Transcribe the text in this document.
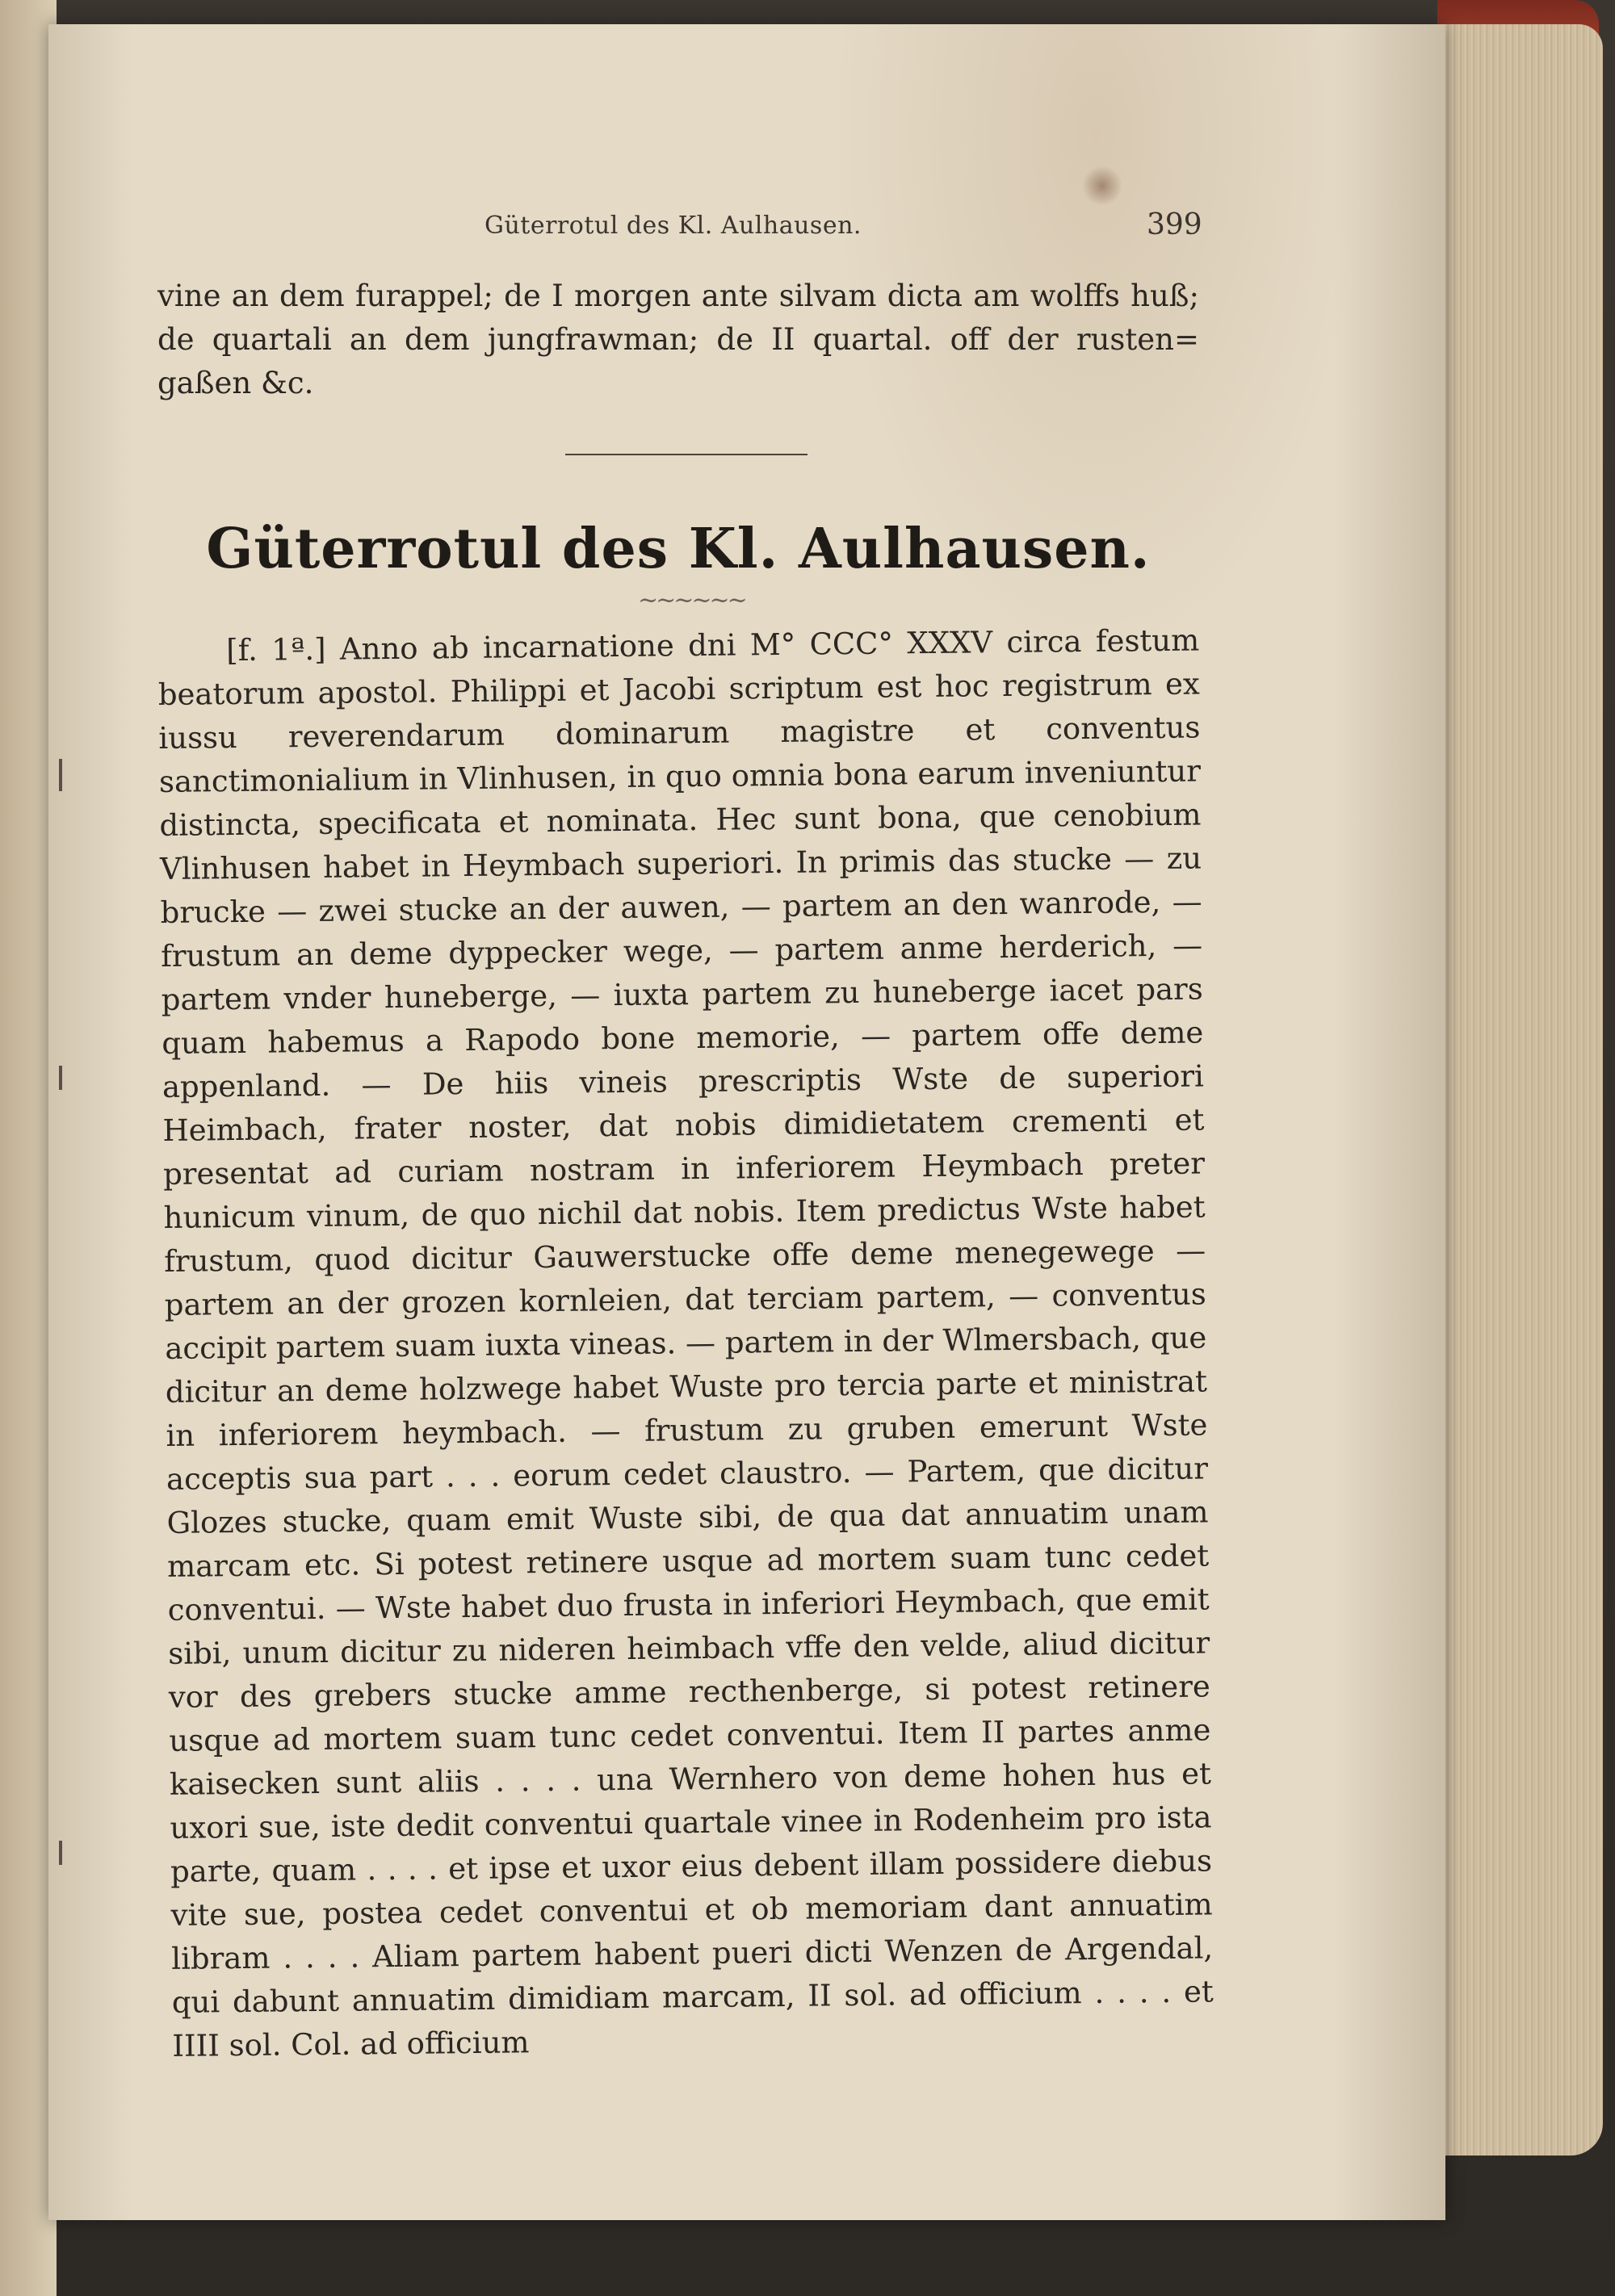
Güterrotul des Kl. Aulhausen.	399
vine an dem furappel; de I morgen ante silvam dicta am wolffs huß; de quartali an dem jungfrawman; de II quartal. off der rusten= gaßen &c.
Güterrotul des Kl. Aulhausen.
~~~~~~

[f. 1ª.] Anno ab incarnatione dni M° CCC° XXXV circa festum beatorum apostol. Philippi et Jacobi scriptum est hoc registrum ex iussu reverendarum dominarum magistre et conventus sanctimonialium in Vlinhusen, in quo omnia bona earum inveniuntur distincta, specificata et nominata. Hec sunt bona, que cenobium Vlinhusen habet in Heymbach superiori. In primis das stucke — zu brucke — zwei stucke an der auwen, — partem an den wanrode, — frustum an deme dyppecker wege, — partem anme herderich, — partem vnder huneberge, — iuxta partem zu huneberge iacet pars quam habemus a Rapodo bone memorie, — partem offe deme appenland. — De hiis vineis prescriptis Wste de superiori Heimbach, frater noster, dat nobis dimidietatem crementi et presentat ad curiam nostram in inferiorem Heymbach preter hunicum vinum, de quo nichil dat nobis. Item predictus Wste habet frustum, quod dicitur Gauwerstucke offe deme menegewege — partem an der grozen kornleien, dat terciam partem, — conventus accipit partem suam iuxta vineas. — partem in der Wlmersbach, que dicitur an deme holzwege habet Wuste pro tercia parte et ministrat in inferiorem heymbach. — frustum zu gruben emerunt Wste acceptis sua part . . . eorum cedet claustro. — Partem, que dicitur Glozes stucke, quam emit Wuste sibi, de qua dat annuatim unam marcam etc. Si potest retinere usque ad mortem suam tunc cedet conventui. — Wste habet duo frusta in inferiori Heymbach, que emit sibi, unum dicitur zu nideren heimbach vffe den velde, aliud dicitur vor des grebers stucke amme recthenberge, si potest retinere usque ad mortem suam tunc cedet conventui. Item II partes anme kaisecken sunt aliis . . . . una Wernhero von deme hohen hus et uxori sue, iste dedit conventui quartale vinee in Rodenheim pro ista parte, quam . . . . et ipse et uxor eius debent illam possidere diebus vite sue, postea cedet conventui et ob memoriam dant annuatim libram . . . . Aliam partem habent pueri dicti Wenzen de Argendal, qui dabunt annuatim dimidiam marcam, II sol. ad officium . . . . et IIII sol. Col. ad officium
